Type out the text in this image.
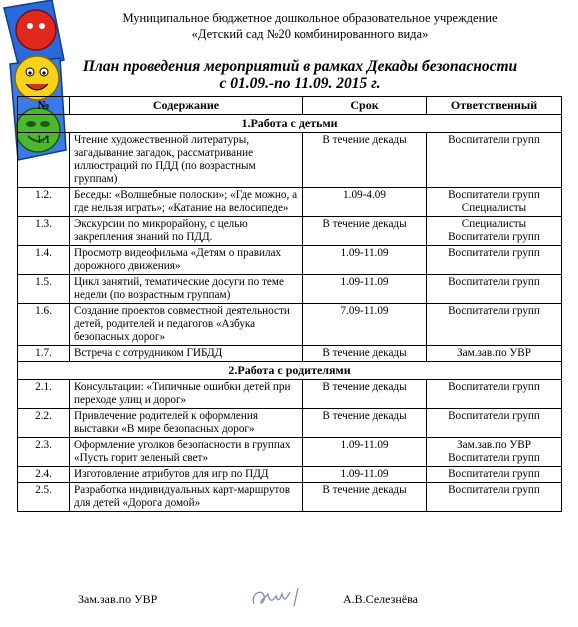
Муниципальное бюджетное дошкольное образовательное учреждение
«Детский сад №20 комбинированного вида»
План проведения мероприятий в рамках Декады безопасности
с 01.09.-по 11.09. 2015 г.
№	Содержание	Срок	Ответственный
1.Работа с детьми			
1.1	Чтение художественной литературы, загадывание загадок, рассматривание иллюстраций по ПДД (по возрастным группам)	В течение декады	Воспитатели групп
1.2.	Беседы: «Волшебные полоски»; «Где можно, а где нельзя играть»; «Катание на велосипеде»	1.09-4.09	Воспитатели групп Специалисты
1.3.	Экскурсии по микрорайону, с целью закрепления знаний по ПДД.	В течение декады	Специалисты Воспитатели групп
1.4.	Просмотр видеофильма «Детям о правилах дорожного движения»	1.09-11.09	Воспитатели групп
1.5.	Цикл занятий, тематические досуги по теме недели (по возрастным группам)	1.09-11.09	Воспитатели групп
1.6.	Создание проектов совместной деятельности детей, родителей и педагогов «Азбука безопасных дорог»	7.09-11.09	Воспитатели групп
1.7.	Встреча с сотрудником ГИБДД	В течение декады	Зам.зав.по УВР
2.Работа с родителями			
2.1.	Консультации: «Типичные ошибки детей при переходе улиц и дорог»	В течение декады	Воспитатели групп
2.2.	Привлечение родителей к оформления выставки «В мире безопасных дорог»	В течение декады	Воспитатели групп
2.3.	Оформление уголков безопасности в группах «Пусть горит зеленый свет»	1.09-11.09	Зам.зав.по УВР Воспитатели групп
2.4.	Изготовление атрибутов для игр по ПДД	1.09-11.09	Воспитатели групп
2.5.	Разработка индивидуальных карт-маршрутов для детей «Дорога домой»	В течение декады	Воспитатели групп
Зам.зав.по УВР	А.В.Селезнёва
